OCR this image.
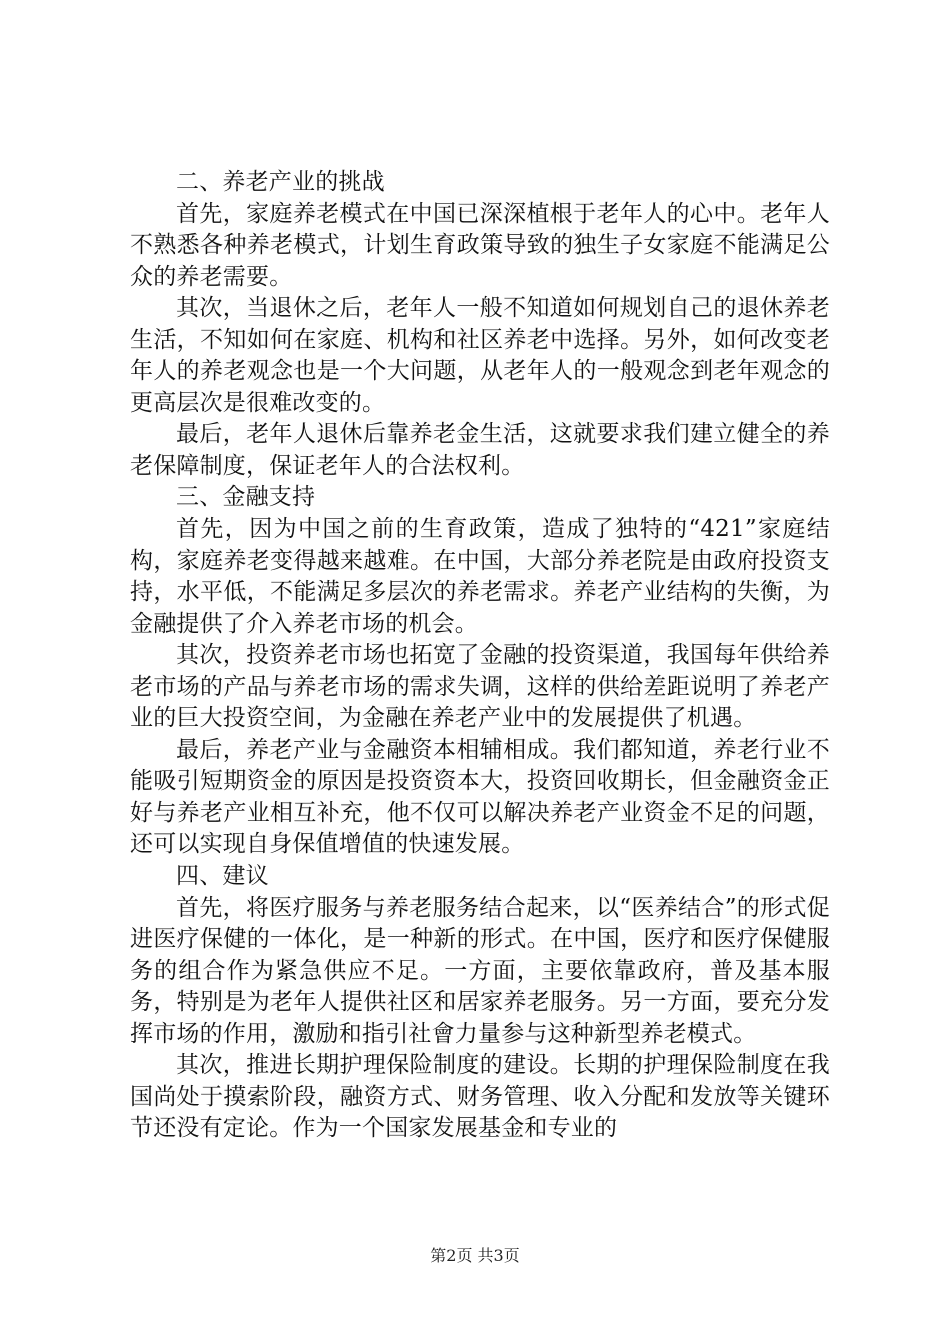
二、养老产业的挑战

首先，家庭养老模式在中国已深深植根于老年人的心中。老年人不熟悉各种养老模式，计划生育政策导致的独生子女家庭不能满足公众的养老需要。

其次，当退休之后，老年人一般不知道如何规划自己的退休养老生活，不知如何在家庭、机构和社区养老中选择。另外，如何改变老年人的养老观念也是一个大问题，从老年人的一般观念到老年观念的更高层次是很难改变的。

最后，老年人退休后靠养老金生活，这就要求我们建立健全的养老保障制度，保证老年人的合法权利。

三、金融支持

首先，因为中国之前的生育政策，造成了独特的“421”家庭结构，家庭养老变得越来越难。在中国，大部分养老院是由政府投资支持，水平低，不能满足多层次的养老需求。养老产业结构的失衡，为金融提供了介入养老市场的机会。

其次，投资养老市场也拓宽了金融的投资渠道，我国每年供给养老市场的产品与养老市场的需求失调，这样的供给差距说明了养老产业的巨大投资空间，为金融在养老产业中的发展提供了机遇。

最后，养老产业与金融资本相辅相成。我们都知道，养老行业不能吸引短期资金的原因是投资资本大，投资回收期长，但金融资金正好与养老产业相互补充，他不仅可以解决养老产业资金不足的问题，还可以实现自身保值增值的快速发展。

四、建议

首先，将医疗服务与养老服务结合起来，以“医养结合”的形式促进医疗保健的一体化，是一种新的形式。在中国，医疗和医疗保健服务的组合作为紧急供应不足。一方面，主要依靠政府，普及基本服务，特别是为老年人提供社区和居家养老服务。另一方面，要充分发挥市场的作用，激励和指引社會力量参与这种新型养老模式。

其次，推进长期护理保险制度的建设。长期的护理保险制度在我国尚处于摸索阶段，融资方式、财务管理、收入分配和发放等关键环节还没有定论。作为一个国家发展基金和专业的

第2页 共3页
